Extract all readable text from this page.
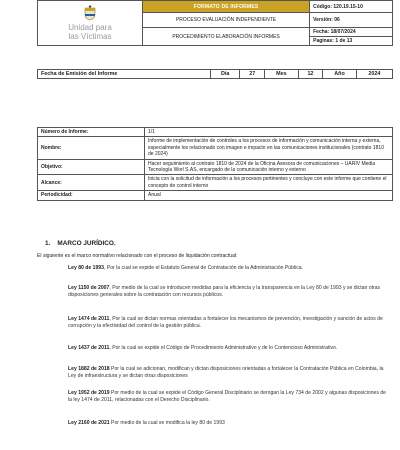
Unidad para
las Víctimas	FORMATO DE INFORMES	Código: 120.19.15-10
	PROCESO EVALUACIÓN INDEPENDIENTE	Versión: 06
	PROCEDIMIENTO ELABORACIÓN INFORMES	Fecha: 18/07/2024
		Paginas: 1 de 13
Fecha de Emisión del Informe	Día	27	Mes	12	Año	2024
Número de Informe:	1/1
Nombre:	Informe de implementación de controles a los procesos de información y comunicación interna y externa, especialmente los relacionado con imagen e impacto en las comunicaciones institucionales (contrato 1810 de 2024)
Objetivo:	Hacer seguimiento al contrato 1810 de 2024 de la Oficina Asesora de comunicaciones – UARIV Media Tecnología Worl S.AS, encargado de la comunicación interno y externo
Alcance:	Inicia con la solicitud de información a los procesos pertinentes y concluye con este informe que contiene el concepto de control interno
Periodicidad:	Anual
1.    MARCO JURÍDICO.
El siguiente es el marco normativo relacionado con el proceso de liquidación contractual:
Ley 80 de 1993, Por la cual se expide el Estatuto General de Contratación de la Administración Pública.
Ley 1150 de 2007, Por medio de la cual se introducen medidas para la eficiencia y la transparencia en la Ley 80 de 1993 y se dictan otras disposiciones generales sobre la contratación con recursos públicos.
Ley 1474 de 2011, Por la cual se dictan normas orientadas a fortalecer los mecanismos de prevención, investigación y sanción de actos de corrupción y la efectividad del control de la gestión pública.
Ley 1437 de 2011, Por la cual se expide el Código de Procedimiento Administrativo y de lo Contencioso Administrativo.
Ley 1882 de 2018 Por la cual se adicionan, modifican y dictan disposiciones orientadas a fortalecer la Contratación Pública en Colombia, la Ley de infraestructura y se dictan otras disposiciones
Ley 1952 de 2019 Por medio de la cual se expide el Código General Disciplinario se derogan la Ley 734 de 2002 y algunas disposiciones de la ley 1474 de 2011, relacionadas con el Derecho Disciplinario.
Ley 2160 de 2021 Por medio de la cual se modifica la ley 80 de 1993
